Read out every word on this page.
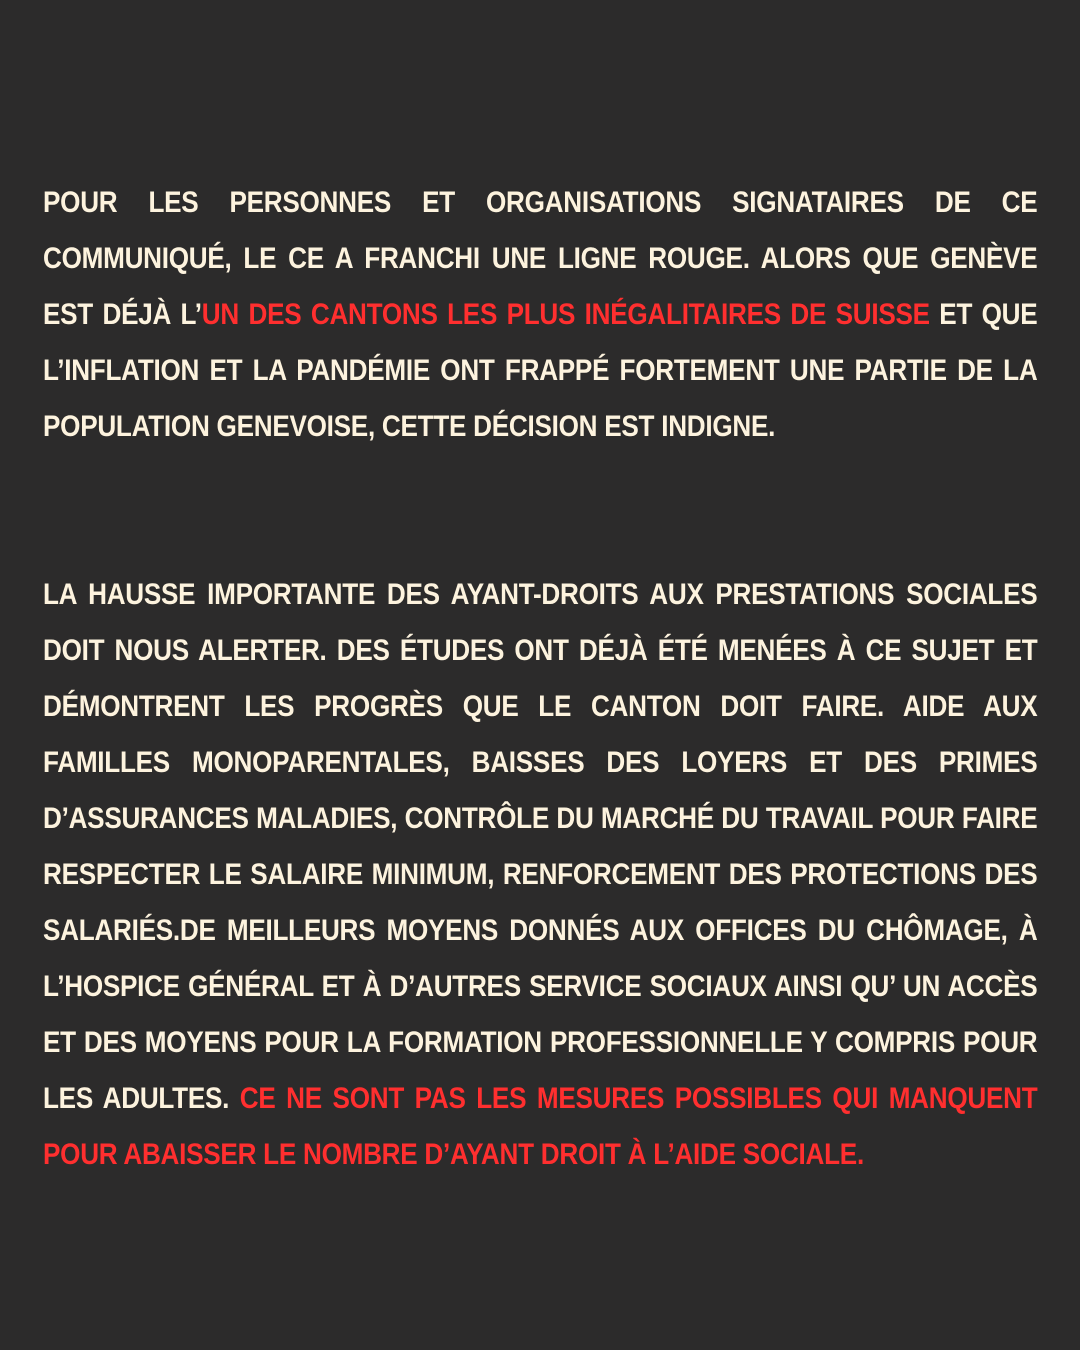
POUR LES PERSONNES ET ORGANISATIONS SIGNATAIRES DE CE COMMUNIQUÉ, LE CE A FRANCHI UNE LIGNE ROUGE. ALORS QUE GENÈVE EST DÉJÀ L’UN DES CANTONS LES PLUS INÉGALITAIRES DE SUISSE ET QUE L’INFLATION ET LA PANDÉMIE ONT FRAPPÉ FORTEMENT UNE PARTIE DE LA POPULATION GENEVOISE, CETTE DÉCISION EST INDIGNE.

LA HAUSSE IMPORTANTE DES AYANT-DROITS AUX PRESTATIONS SOCIALES DOIT NOUS ALERTER. DES ÉTUDES ONT DÉJÀ ÉTÉ MENÉES À CE SUJET ET DÉMONTRENT LES PROGRÈS QUE LE CANTON DOIT FAIRE. AIDE AUX FAMILLES MONOPARENTALES, BAISSES DES LOYERS ET DES PRIMES D’ASSURANCES MALADIES, CONTRÔLE DU MARCHÉ DU TRAVAIL POUR FAIRE RESPECTER LE SALAIRE MINIMUM, RENFORCEMENT DES PROTECTIONS DES SALARIÉS.DE MEILLEURS MOYENS DONNÉS AUX OFFICES DU CHÔMAGE, À L’HOSPICE GÉNÉRAL ET À D’AUTRES SERVICE SOCIAUX AINSI QU’ UN ACCÈS ET DES MOYENS POUR LA FORMATION PROFESSIONNELLE Y COMPRIS POUR LES ADULTES. CE NE SONT PAS LES MESURES POSSIBLES QUI MANQUENT POUR ABAISSER LE NOMBRE D’AYANT DROIT À L’AIDE SOCIALE.
